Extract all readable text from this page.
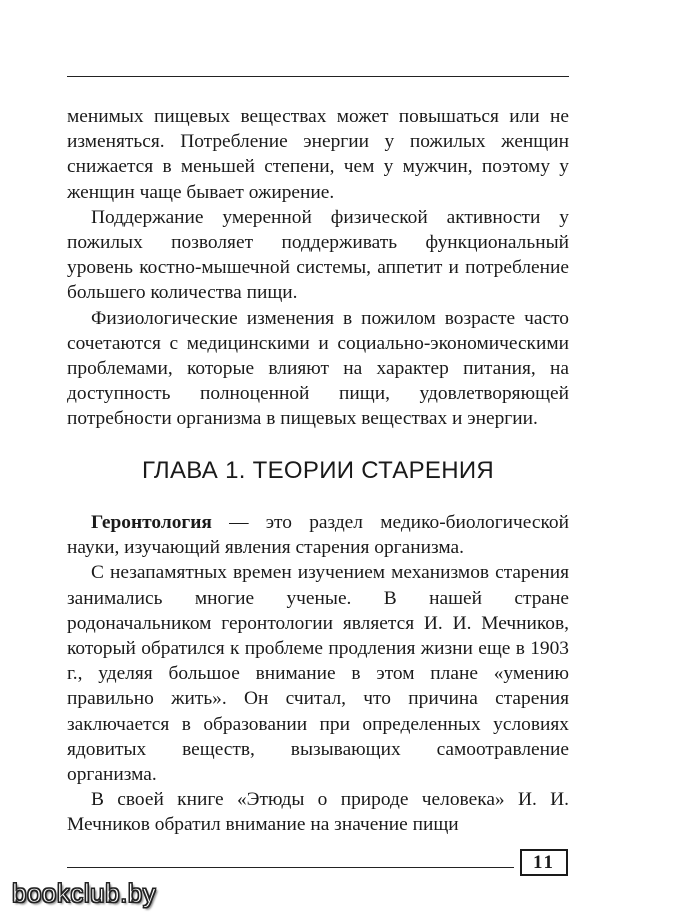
менимых пищевых веществах может повышаться или не изменяться. Потребление энергии у пожилых женщин снижается в меньшей степени, чем у мужчин, поэтому у женщин чаще бывает ожирение.

Поддержание умеренной физической активности у пожилых позволяет поддерживать функциональный уровень костно-мышечной системы, аппетит и потребление большего количества пищи.

Физиологические изменения в пожилом возрасте часто сочетаются с медицинскими и социально-экономическими проблемами, которые влияют на характер питания, на доступность полноценной пищи, удовлетворяющей потребности организма в пищевых веществах и энергии.

ГЛАВА 1. ТЕОРИИ СТАРЕНИЯ

Геронтология — это раздел медико-биологической науки, изучающий явления старения организма.

С незапамятных времен изучением механизмов старения занимались многие ученые. В нашей стране родоначальником геронтологии является И. И. Мечников, который обратился к проблеме продления жизни еще в 1903 г., уделяя большое внимание в этом плане «умению правильно жить». Он считал, что причина старения заключается в образовании при определенных условиях ядовитых веществ, вызывающих самоотравление организма.

В своей книге «Этюды о природе человека» И. И. Мечников обратил внимание на значение пищи

11
bookclub.by
